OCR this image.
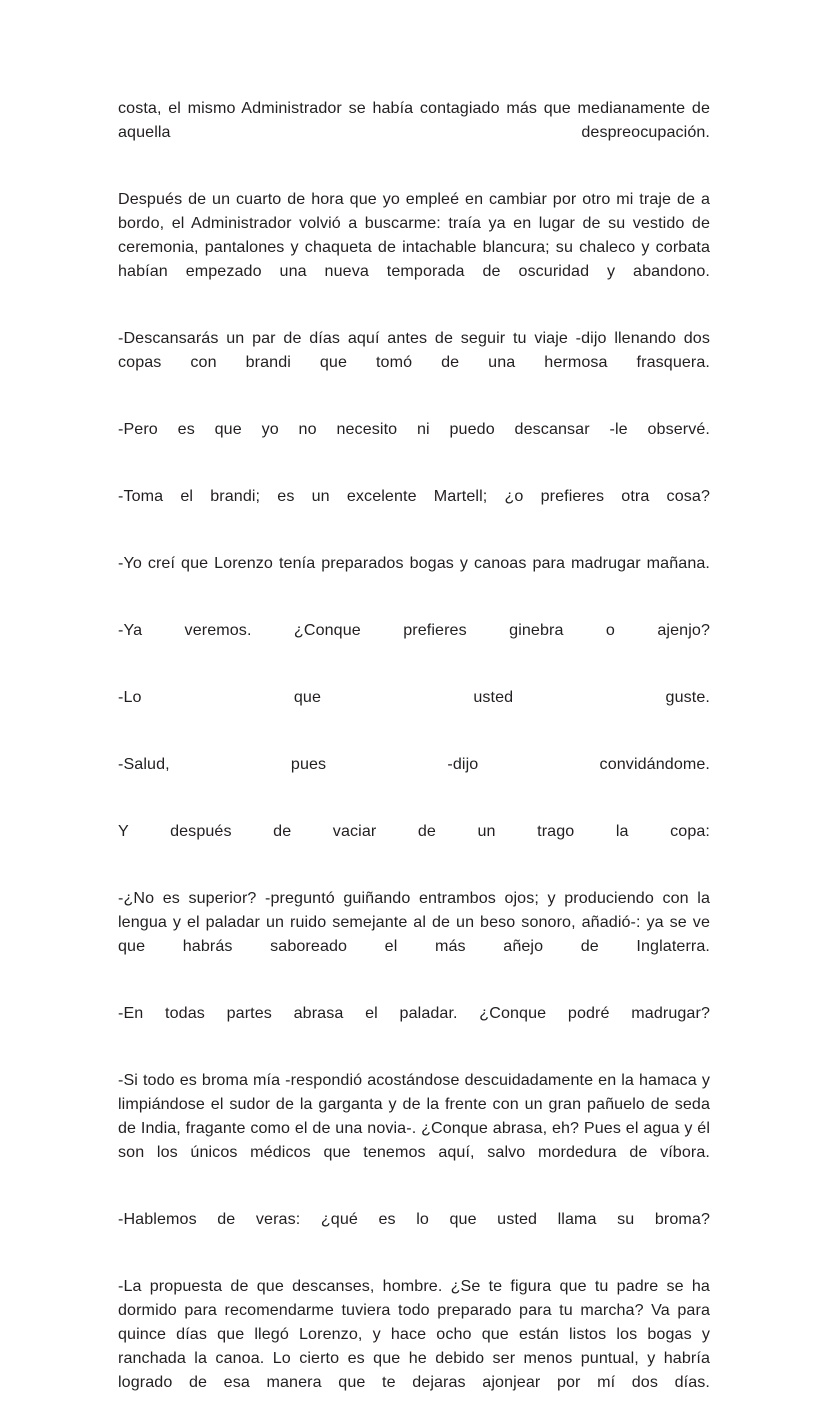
costa, el mismo Administrador se había contagiado más que medianamente de aquella despreocupación.

Después de un cuarto de hora que yo empleé en cambiar por otro mi traje de a bordo, el Administrador volvió a buscarme: traía ya en lugar de su vestido de ceremonia, pantalones y chaqueta de intachable blancura; su chaleco y corbata habían empezado una nueva temporada de oscuridad y abandono.

-Descansarás un par de días aquí antes de seguir tu viaje -dijo llenando dos copas con brandi que tomó de una hermosa frasquera.

-Pero es que yo no necesito ni puedo descansar -le observé.

-Toma el brandi; es un excelente Martell; ¿o prefieres otra cosa?

-Yo creí que Lorenzo tenía preparados bogas y canoas para madrugar mañana.

-Ya veremos. ¿Conque prefieres ginebra o ajenjo?

-Lo que usted guste.

-Salud, pues -dijo convidándome.

Y después de vaciar de un trago la copa:

-¿No es superior? -preguntó guiñando entrambos ojos; y produciendo con la lengua y el paladar un ruido semejante al de un beso sonoro, añadió-: ya se ve que habrás saboreado el más añejo de Inglaterra.

-En todas partes abrasa el paladar. ¿Conque podré madrugar?

-Si todo es broma mía -respondió acostándose descuidadamente en la hamaca y limpiándose el sudor de la garganta y de la frente con un gran pañuelo de seda de India, fragante como el de una novia-. ¿Conque abrasa, eh? Pues el agua y él son los únicos médicos que tenemos aquí, salvo mordedura de víbora.

-Hablemos de veras: ¿qué es lo que usted llama su broma?

-La propuesta de que descanses, hombre. ¿Se te figura que tu padre se ha dormido para recomendarme tuviera todo preparado para tu marcha? Va para quince días que llegó Lorenzo, y hace ocho que están listos los bogas y ranchada la canoa. Lo cierto es que he debido ser menos puntual, y habría logrado de esa manera que te dejaras ajonjear por mí dos días.
